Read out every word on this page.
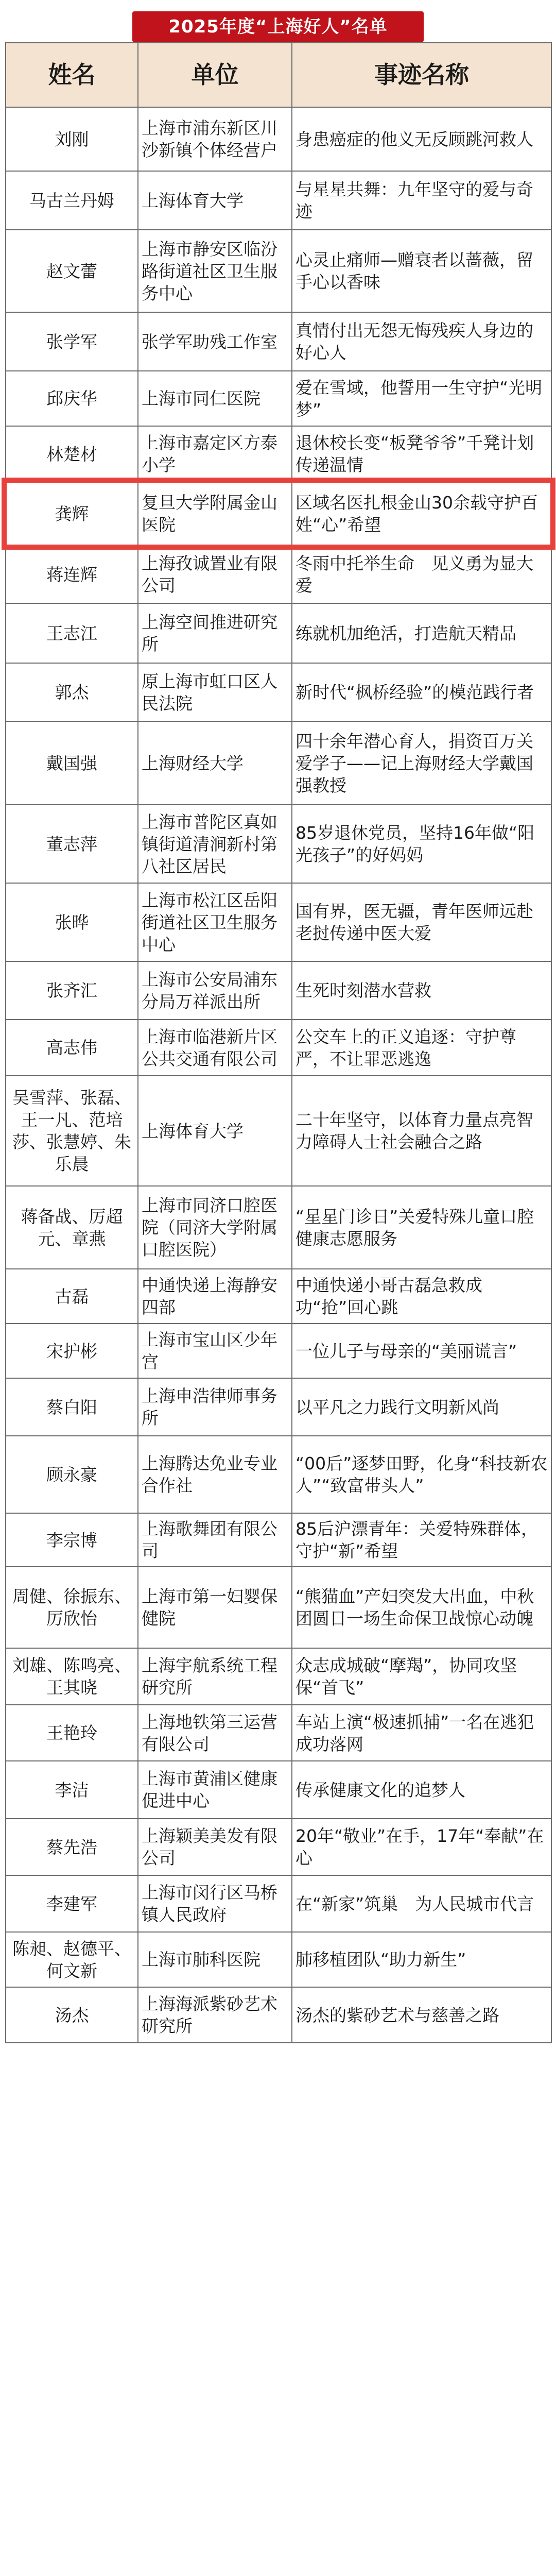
2025年度“上海好人”名单
姓名	单位	事迹名称
刘刚	上海市浦东新区川沙新镇个体经营户	身患癌症的他义无反顾跳河救人
马古兰丹姆	上海体育大学	与星星共舞：九年坚守的爱与奇迹
赵文蕾	上海市静安区临汾路街道社区卫生服务中心	心灵止痛师—赠衰者以蔷薇，留手心以香味
张学军	张学军助残工作室	真情付出无怨无悔残疾人身边的好心人
邱庆华	上海市同仁医院	爱在雪域，他誓用一生守护“光明梦”
林楚材	上海市嘉定区方泰小学	退休校长变“板凳爷爷”千凳计划传递温情
龚辉	复旦大学附属金山医院	区域名医扎根金山30余载守护百姓“心”希望
蒋连辉	上海孜诚置业有限公司	冬雨中托举生命　见义勇为显大爱
王志江	上海空间推进研究所	练就机加绝活，打造航天精品
郭杰	原上海市虹口区人民法院	新时代“枫桥经验”的模范践行者
戴国强	上海财经大学	四十余年潜心育人，捐资百万关爱学子——记上海财经大学戴国强教授
董志萍	上海市普陀区真如镇街道清涧新村第八社区居民	85岁退休党员，坚持16年做“阳光孩子”的好妈妈
张晔	上海市松江区岳阳街道社区卫生服务中心	国有界，医无疆，青年医师远赴老挝传递中医大爱
张齐汇	上海市公安局浦东分局万祥派出所	生死时刻潜水营救
高志伟	上海市临港新片区公共交通有限公司	公交车上的正义追逐：守护尊严，不让罪恶逃逸
吴雪萍、张磊、王一凡、范培莎、张慧婷、朱乐晨	上海体育大学	二十年坚守，以体育力量点亮智力障碍人士社会融合之路
蒋备战、厉超元、章燕	上海市同济口腔医院（同济大学附属口腔医院）	“星星门诊日”关爱特殊儿童口腔健康志愿服务
古磊	中通快递上海静安四部	中通快递小哥古磊急救成功“抢”回心跳
宋护彬	上海市宝山区少年宫	一位儿子与母亲的“美丽谎言”
蔡白阳	上海申浩律师事务所	以平凡之力践行文明新风尚
顾永豪	上海腾达免业专业合作社	“00后”逐梦田野，化身“科技新农人”“致富带头人”
李宗博	上海歌舞团有限公司	85后沪漂青年：关爱特殊群体，守护“新”希望
周健、徐振东、厉欣怡	上海市第一妇婴保健院	“熊猫血”产妇突发大出血，中秋团圆日一场生命保卫战惊心动魄
刘雄、陈鸣亮、王其晓	上海宇航系统工程研究所	众志成城破“摩羯”，协同攻坚保“首飞”
王艳玲	上海地铁第三运营有限公司	车站上演“极速抓捕”一名在逃犯成功落网
李洁	上海市黄浦区健康促进中心	传承健康文化的追梦人
蔡先浩	上海颖美美发有限公司	20年“敬业”在手，17年“奉献”在心
李建军	上海市闵行区马桥镇人民政府	在“新家”筑巢　为人民城市代言
陈昶、赵德平、何文新	上海市肺科医院	肺移植团队“助力新生”
汤杰	上海海派紫砂艺术研究所	汤杰的紫砂艺术与慈善之路
